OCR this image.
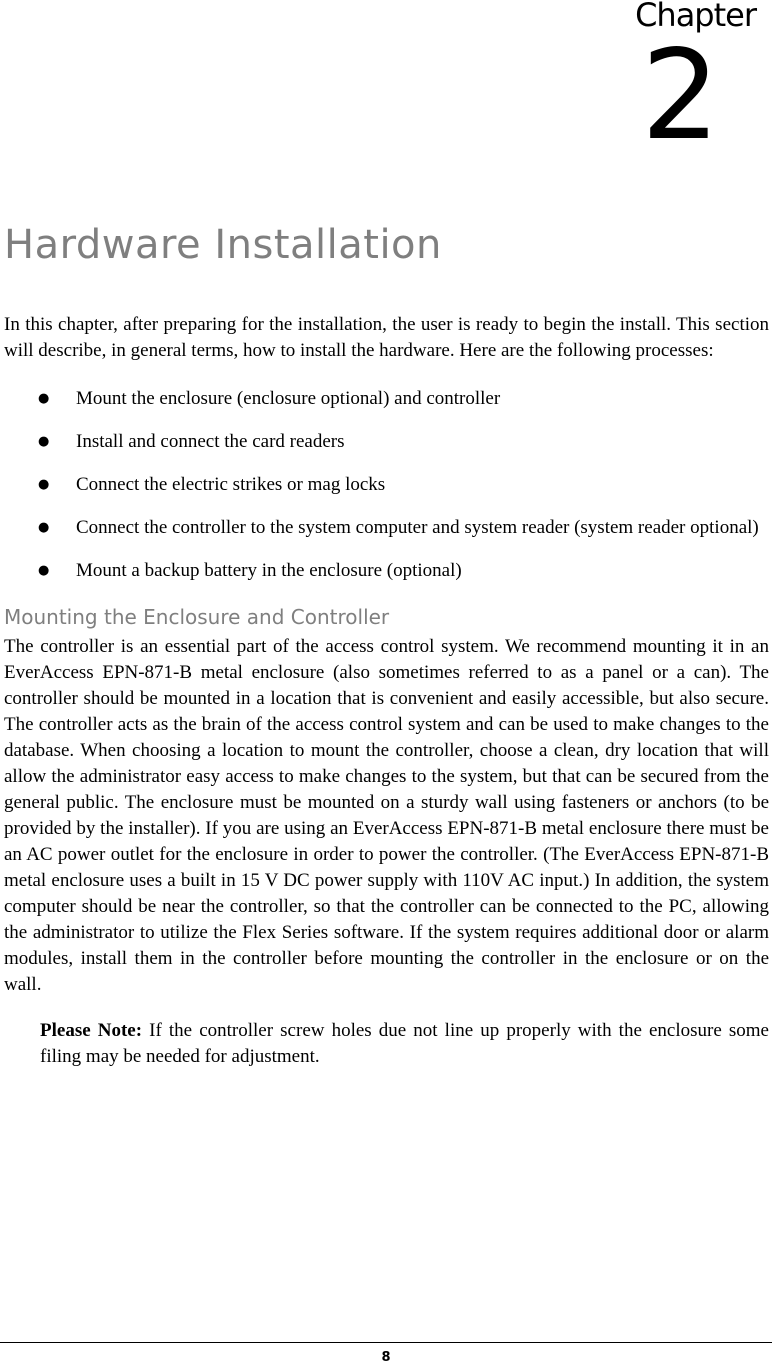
Chapter
2
Hardware Installation

In this chapter, after preparing for the installation, the user is ready to begin the install. This section will describe, in general terms, how to install the hardware. Here are the following processes:

● Mount the enclosure (enclosure optional) and controller
● Install and connect the card readers
● Connect the electric strikes or mag locks
● Connect the controller to the system computer and system reader (system reader optional)
● Mount a backup battery in the enclosure (optional)
Mounting the Enclosure and Controller

The controller is an essential part of the access control system. We recommend mounting it in an EverAccess EPN-871-B metal enclosure (also sometimes referred to as a panel or a can). The controller should be mounted in a location that is convenient and easily accessible, but also secure. The controller acts as the brain of the access control system and can be used to make changes to the database. When choosing a location to mount the controller, choose a clean, dry location that will allow the administrator easy access to make changes to the system, but that can be secured from the general public. The enclosure must be mounted on a sturdy wall using fasteners or anchors (to be provided by the installer). If you are using an EverAccess EPN-871-B metal enclosure there must be an AC power outlet for the enclosure in order to power the controller. (The EverAccess EPN-871-B metal enclosure uses a built in 15 V DC power supply with 110V AC input.) In addition, the system computer should be near the controller, so that the controller can be connected to the PC, allowing the administrator to utilize the Flex Series software. If the system requires additional door or alarm modules, install them in the controller before mounting the controller in the enclosure or on the wall.

Please Note: If the controller screw holes due not line up properly with the enclosure some filing may be needed for adjustment.

8
